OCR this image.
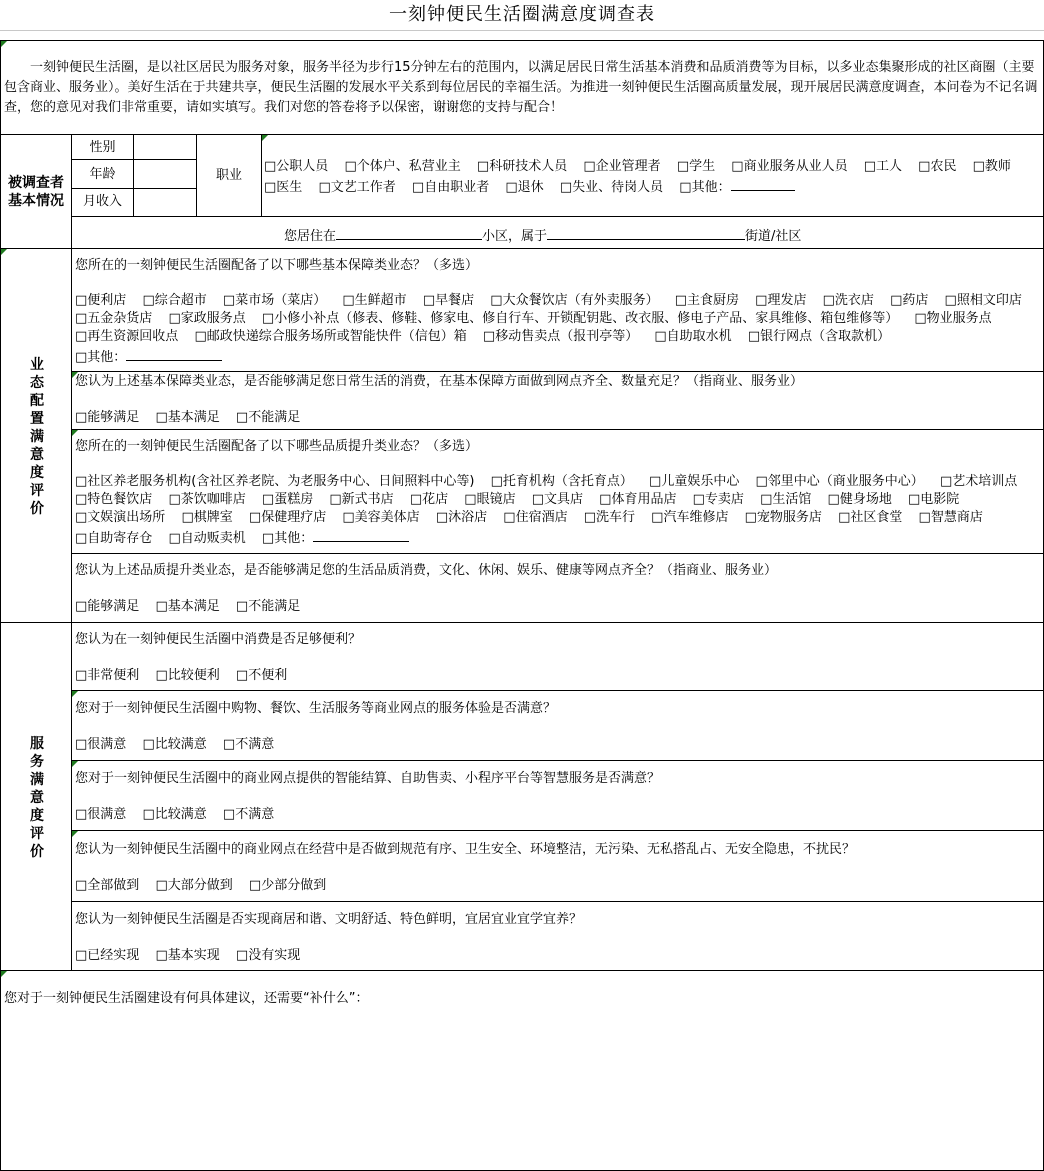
一刻钟便民生活圈满意度调查表
一刻钟便民生活圈，是以社区居民为服务对象，服务半径为步行15分钟左右的范围内，以满足居民日常生活基本消费和品质消费等为目标，以多业态集聚形成的社区商圈（主要包含商业、服务业）。美好生活在于共建共享，便民生活圈的发展水平关系到每位居民的幸福生活。为推进一刻钟便民生活圈高质量发展，现开展居民满意度调查，本问卷为不记名调查，您的意见对我们非常重要，请如实填写。我们对您的答卷将予以保密，谢谢您的支持与配合！
被调查者基本情况
性别
年龄
月收入
职业
□公职人员 □个体户、私营业主 □科研技术人员 □企业管理者 □学生 □商业服务从业人员 □工人 □农民 □教师 □医生 □文艺工作者 □自由职业者 □退休 □失业、待岗人员 □其他：
您居住在	小区，属于	街道/社区
业态配置满意度评价
您所在的一刻钟便民生活圈配备了以下哪些基本保障类业态？（多选）
□便利店 □综合超市 □菜市场（菜店） □生鲜超市 □早餐店 □大众餐饮店（有外卖服务） □主食厨房 □理发店 □洗衣店 □药店 □照相文印店 □五金杂货店 □家政服务点 □小修小补点（修表、修鞋、修家电、修自行车、开锁配钥匙、改衣服、修电子产品、家具维修、箱包维修等） □物业服务点 □再生资源回收点 □邮政快递综合服务场所或智能快件（信包）箱 □移动售卖点（报刊亭等） □自助取水机 □银行网点（含取款机） □其他：
您认为上述基本保障类业态，是否能够满足您日常生活的消费，在基本保障方面做到网点齐全、数量充足？（指商业、服务业）
□能够满足 □基本满足 □不能满足
您所在的一刻钟便民生活圈配备了以下哪些品质提升类业态？（多选）
□社区养老服务机构(含社区养老院、为老服务中心、日间照料中心等) □托育机构（含托育点） □儿童娱乐中心 □邻里中心（商业服务中心） □艺术培训点 □特色餐饮店 □茶饮咖啡店 □蛋糕房 □新式书店 □花店 □眼镜店 □文具店 □体育用品店 □专卖店 □生活馆 □健身场地 □电影院 □文娱演出场所 □棋牌室 □保健理疗店 □美容美体店 □沐浴店 □住宿酒店 □洗车行 □汽车维修店 □宠物服务店 □社区食堂 □智慧商店 □自助寄存仓 □自动贩卖机 □其他：
您认为上述品质提升类业态，是否能够满足您的生活品质消费，文化、休闲、娱乐、健康等网点齐全？（指商业、服务业）
□能够满足 □基本满足 □不能满足
服务满意度评价
您认为在一刻钟便民生活圈中消费是否足够便利？
□非常便利 □比较便利 □不便利
您对于一刻钟便民生活圈中购物、餐饮、生活服务等商业网点的服务体验是否满意？
□很满意 □比较满意 □不满意
您对于一刻钟便民生活圈中的商业网点提供的智能结算、自助售卖、小程序平台等智慧服务是否满意？
□很满意 □比较满意 □不满意
您认为一刻钟便民生活圈中的商业网点在经营中是否做到规范有序、卫生安全、环境整洁，无污染、无私搭乱占、无安全隐患，不扰民？
□全部做到 □大部分做到 □少部分做到
您认为一刻钟便民生活圈是否实现商居和谐、文明舒适、特色鲜明，宜居宜业宜学宜养？
□已经实现 □基本实现 □没有实现
您对于一刻钟便民生活圈建设有何具体建议，还需要“补什么”：
